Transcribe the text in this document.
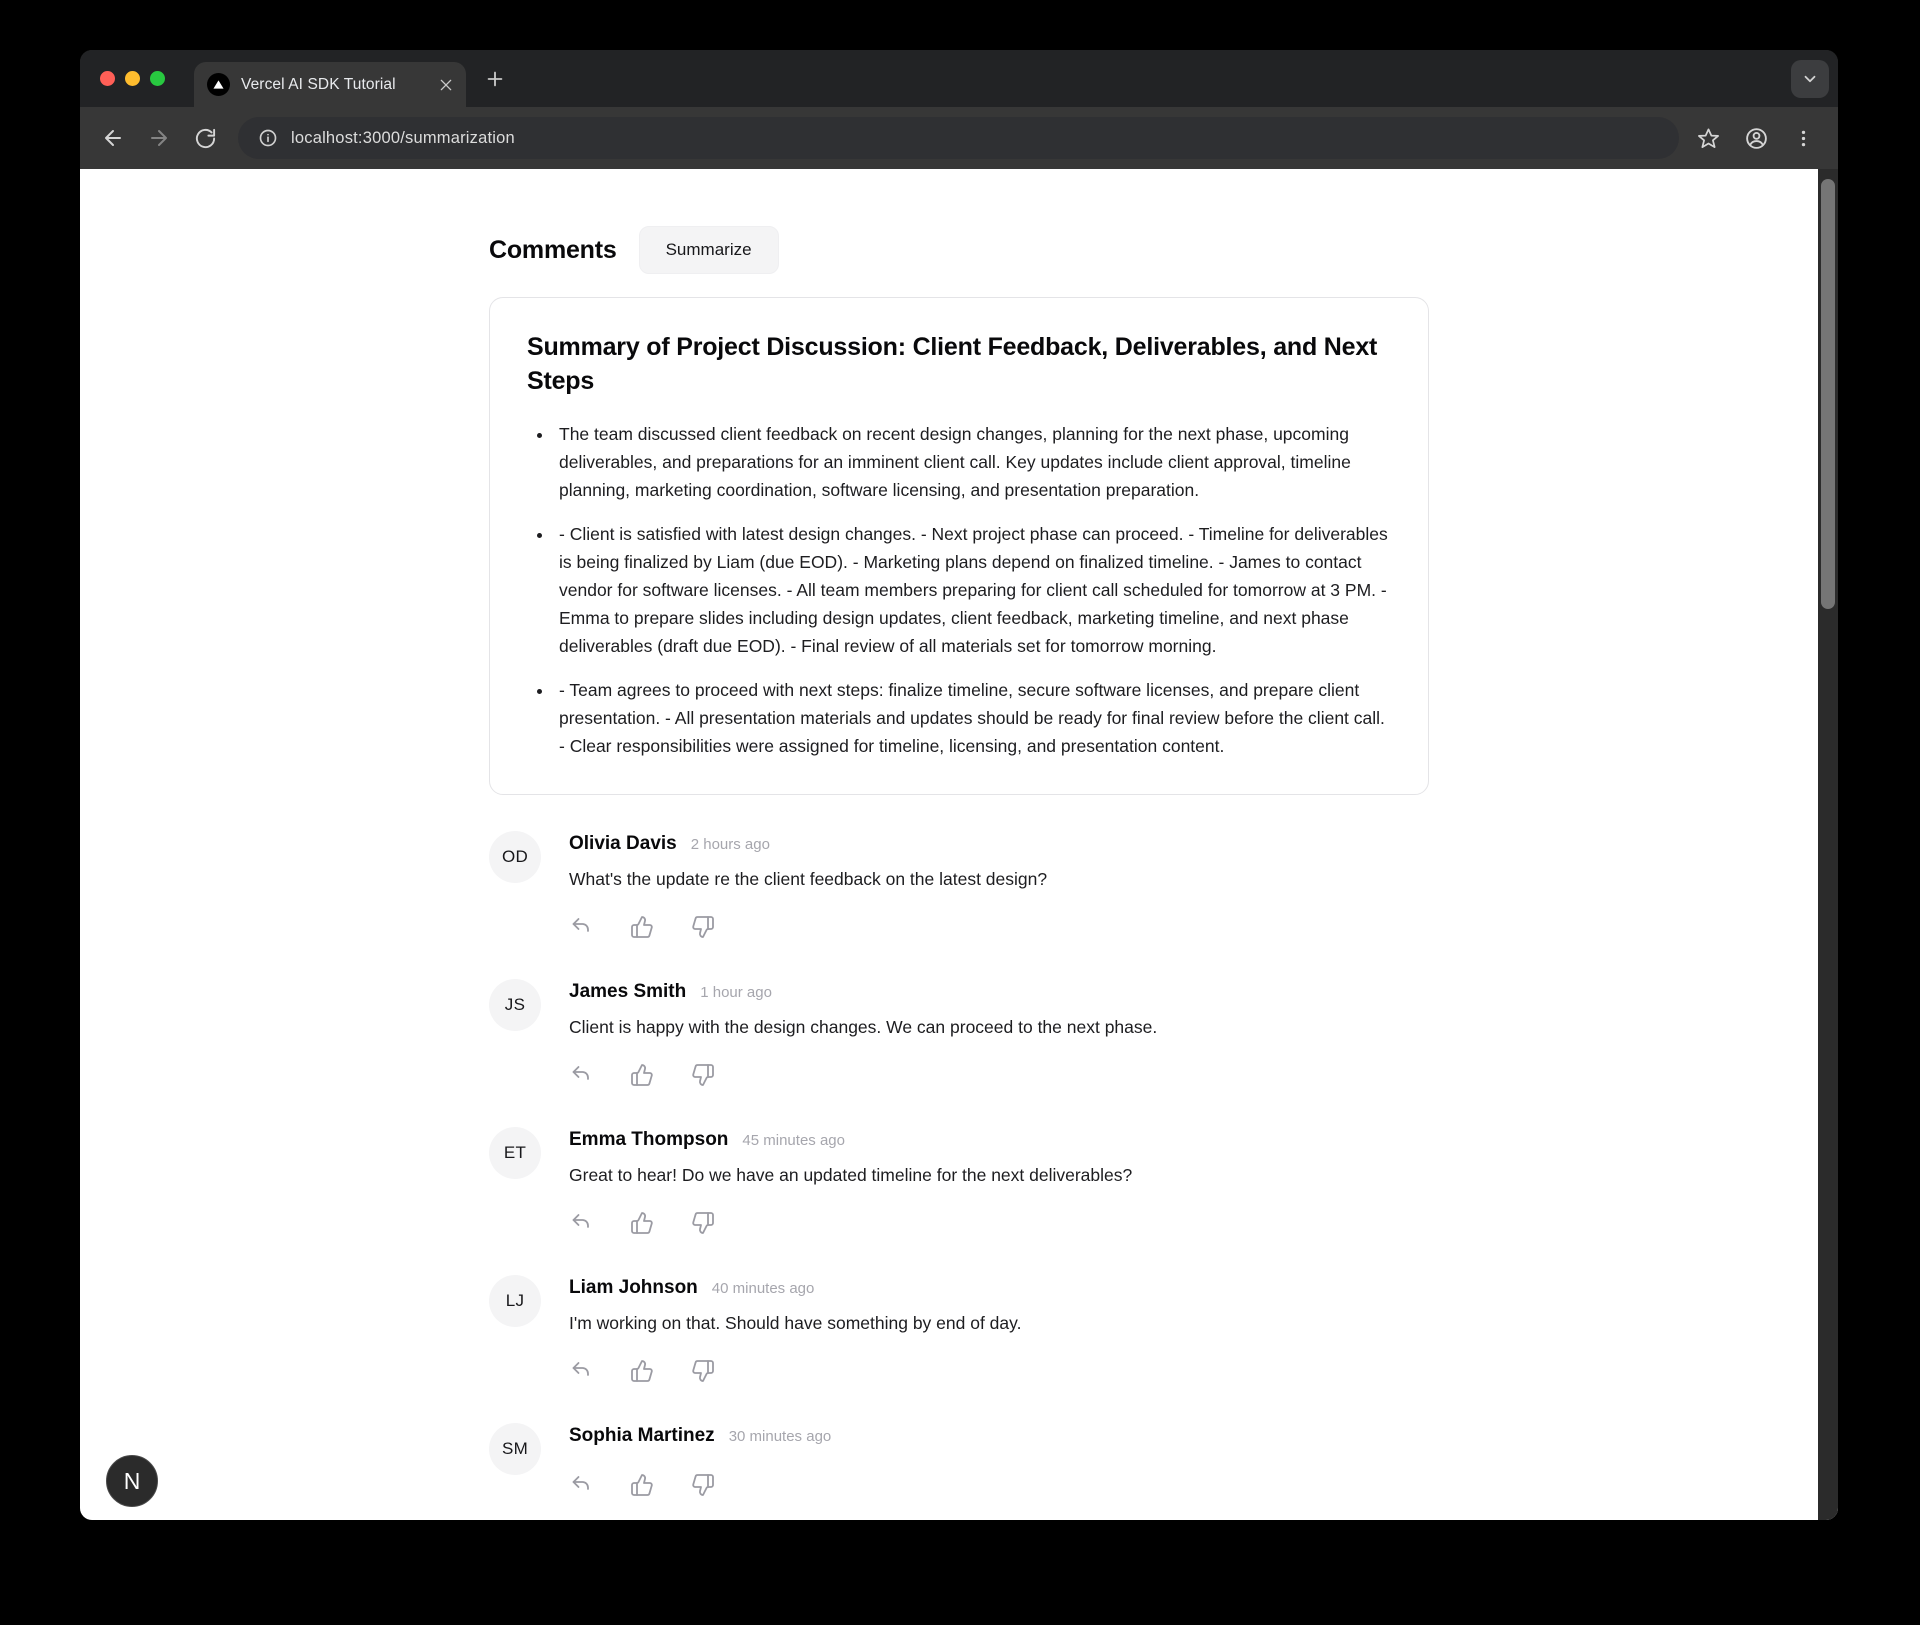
Vercel AI SDK Tutorial
localhost:3000/summarization
Comments	Summarize
Summary of Project Discussion: Client Feedback, Deliverables, and Next Steps
• The team discussed client feedback on recent design changes, planning for the next phase, upcoming deliverables, and preparations for an imminent client call. Key updates include client approval, timeline planning, marketing coordination, software licensing, and presentation preparation.
• - Client is satisfied with latest design changes. - Next project phase can proceed. - Timeline for deliverables is being finalized by Liam (due EOD). - Marketing plans depend on finalized timeline. - James to contact vendor for software licenses. - All team members preparing for client call scheduled for tomorrow at 3 PM. - Emma to prepare slides including design updates, client feedback, marketing timeline, and next phase deliverables (draft due EOD). - Final review of all materials set for tomorrow morning.
• - Team agrees to proceed with next steps: finalize timeline, secure software licenses, and prepare client presentation. - All presentation materials and updates should be ready for final review before the client call. - Clear responsibilities were assigned for timeline, licensing, and presentation content.
OD
Olivia Davis 2 hours ago
What's the update re the client feedback on the latest design?
JS
James Smith 1 hour ago
Client is happy with the design changes. We can proceed to the next phase.
ET
Emma Thompson 45 minutes ago
Great to hear! Do we have an updated timeline for the next deliverables?
LJ
Liam Johnson 40 minutes ago
I'm working on that. Should have something by end of day.
SM
Sophia Martinez 30 minutes ago
N
